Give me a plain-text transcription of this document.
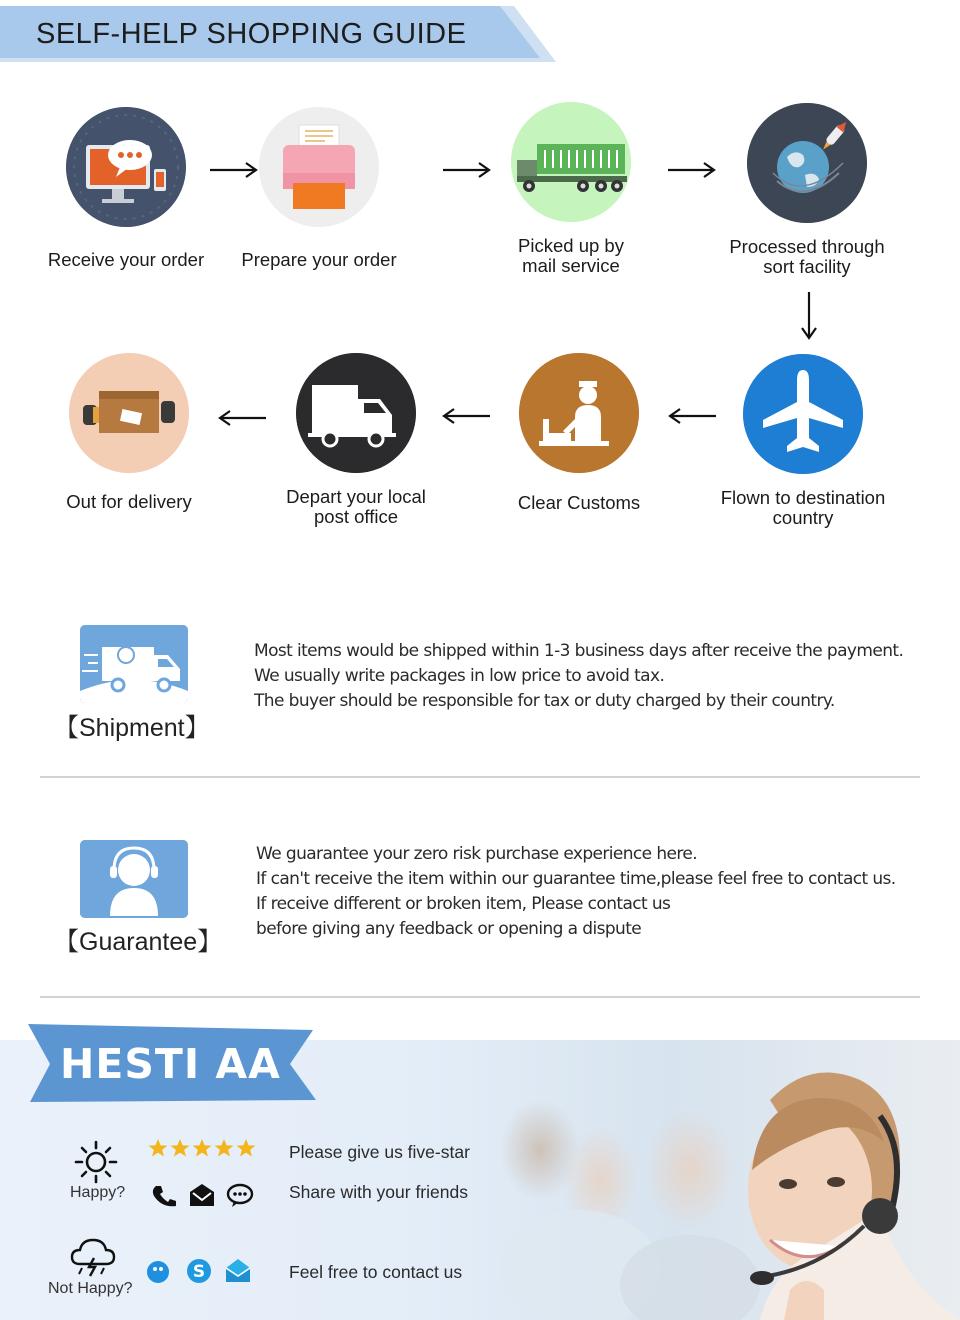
SELF-HELP SHOPPING GUIDE
Receive your order	Prepare your order
Picked up by
mail service
Processed through
sort facility
Flown to destination
country
Clear Customs
Depart your local
post office
Out for delivery
【Shipment】
Most items would be shipped within 1-3 business days after receive the payment.
We usually write packages in low price to avoid tax.
The buyer should be responsible for tax or duty charged by their country.
【Guarantee】
We guarantee your zero risk purchase experience here.
If can't receive the item within our guarantee time,please feel free to contact us.
If receive different or broken item, Please contact us
before giving any feedback or opening a dispute
HESTI AA
Happy?
Please give us five-star
Share with your friends
Not Happy?
S	Feel free to contact us
